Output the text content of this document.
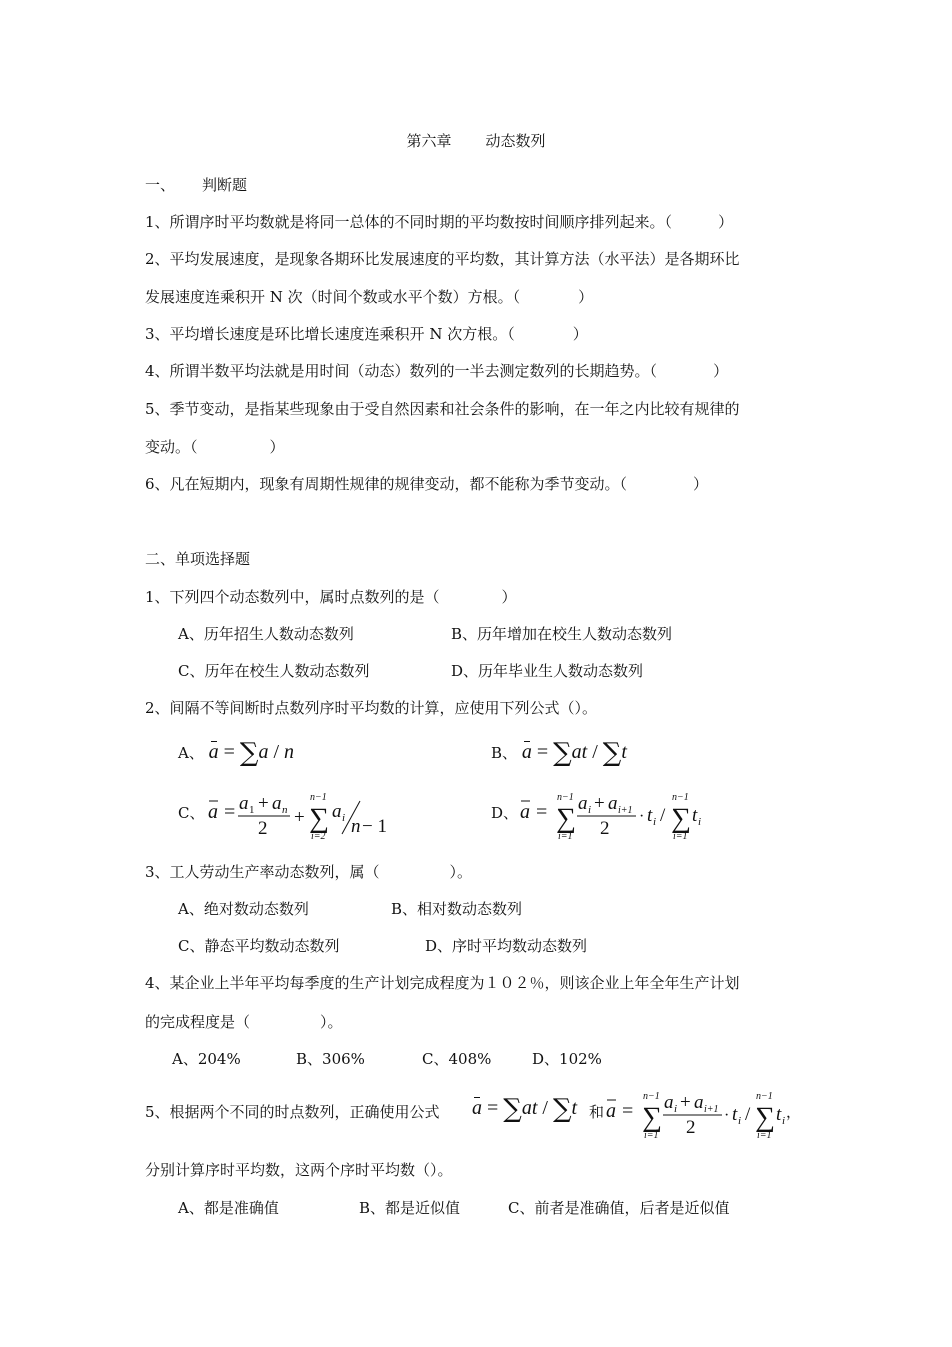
第六章 动态数列
一、 判断题
1、所谓序时平均数就是将同一总体的不同时期的平均数按时间顺序排列起来。（	）
2、平均发展速度，是现象各期环比发展速度的平均数，其计算方法（水平法）是各期环比
发展速度连乘积开 N 次（时间个数或水平个数）方根。（	）
3、平均增长速度是环比增长速度连乘积开 N 次方根。（	）
4、所谓半数平均法就是用时间（动态）数列的一半去测定数列的长期趋势。（	）
5、季节变动，是指某些现象由于受自然因素和社会条件的影响，在一年之内比较有规律的
变动。（	）
6、凡在短期内，现象有周期性规律的规律变动，都不能称为季节变动。（	）
二、单项选择题
1、下列四个动态数列中，属时点数列的是（	）
A、历年招生人数动态数列	B、历年增加在校生人数动态数列
C、历年在校生人数动态数列	D、历年毕业生人数动态数列
2、间隔不等间断时点数列序时平均数的计算，应使用下列公式（）。
A、 a = ∑a / n	B、 a = ∑at / ∑t
C、 a = a 1 + a n
2
+
n−1
∑
i=2
a i n − 1
D、 a =
n−1
∑
i=1
a i + a i+1
2
· t i /
n−1
∑
i=1
t i
3、工人劳动生产率动态数列，属（	）。
A、绝对数动态数列	B、相对数动态数列
C、静态平均数动态数列	D、序时平均数动态数列
4、某企业上半年平均每季度的生产计划完成程度为１０２％，则该企业上年全年生产计划
的完成程度是（	）。
A、204%	B、306%	C、408%	D、102%
5、根据两个不同的时点数列，正确使用公式 a = ∑at / ∑t 和 a =
n−1
∑
i=1
a i + a i+1
2
· t i /
n−1
∑
i=1
t i ，
分别计算序时平均数，这两个序时平均数（）。
A、都是准确值	B、都是近似值	C、前者是准确值，后者是近似值
